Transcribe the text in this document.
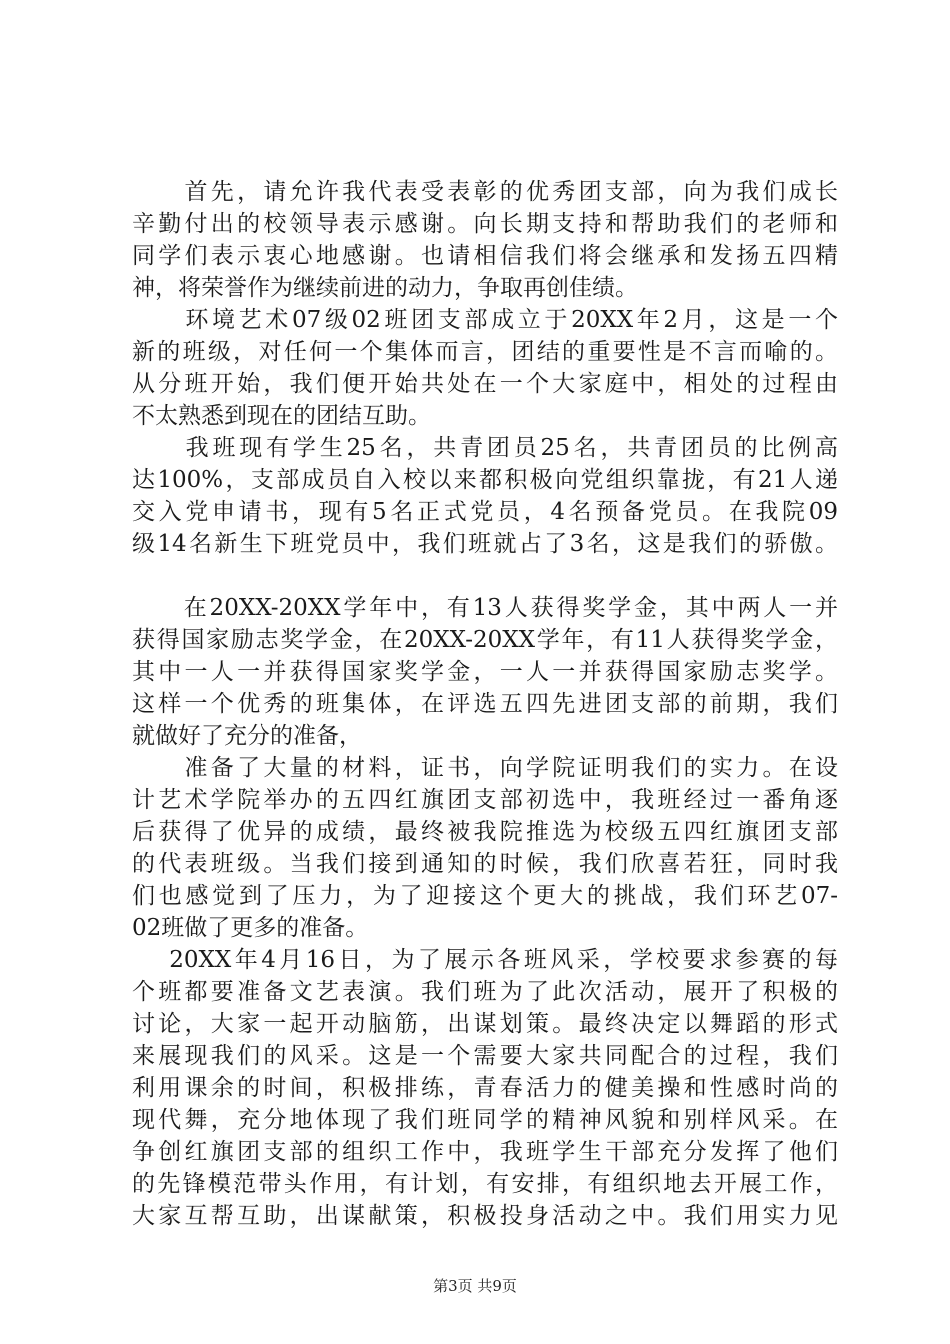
　　首先，请允许我代表受表彰的优秀团支部，向为我们成长
辛勤付出的校领导表示感谢。向长期支持和帮助我们的老师和
同学们表示衷心地感谢。也请相信我们将会继承和发扬五四精
神，将荣誉作为继续前进的动力，争取再创佳绩。
　　环境艺术07级02班团支部成立于20XX年2月，这是一个
新的班级，对任何一个集体而言，团结的重要性是不言而喻的。
从分班开始，我们便开始共处在一个大家庭中，相处的过程由
不太熟悉到现在的团结互助。
　　我班现有学生25名，共青团员25名，共青团员的比例高
达100%，支部成员自入校以来都积极向党组织靠拢，有21人递
交入党申请书，现有5名正式党员，4名预备党员。在我院09
级14名新生下班党员中，我们班就占了3名，这是我们的骄傲。
　　在20XX-20XX学年中，有13人获得奖学金，其中两人一并
获得国家励志奖学金，在20XX-20XX学年，有11人获得奖学金，
其中一人一并获得国家奖学金，一人一并获得国家励志奖学。
这样一个优秀的班集体，在评选五四先进团支部的前期，我们
就做好了充分的准备，
　　准备了大量的材料，证书，向学院证明我们的实力。在设
计艺术学院举办的五四红旗团支部初选中，我班经过一番角逐
后获得了优异的成绩，最终被我院推选为校级五四红旗团支部
的代表班级。当我们接到通知的时候，我们欣喜若狂，同时我
们也感觉到了压力，为了迎接这个更大的挑战，我们环艺07-
02班做了更多的准备。
　 20XX年4月16日，为了展示各班风采，学校要求参赛的每
个班都要准备文艺表演。我们班为了此次活动，展开了积极的
讨论，大家一起开动脑筋，出谋划策。最终决定以舞蹈的形式
来展现我们的风采。这是一个需要大家共同配合的过程，我们
利用课余的时间，积极排练，青春活力的健美操和性感时尚的
现代舞，充分地体现了我们班同学的精神风貌和别样风采。在
争创红旗团支部的组织工作中，我班学生干部充分发挥了他们
的先锋模范带头作用，有计划，有安排，有组织地去开展工作，
大家互帮互助，出谋献策，积极投身活动之中。我们用实力见
第3页 共9页
